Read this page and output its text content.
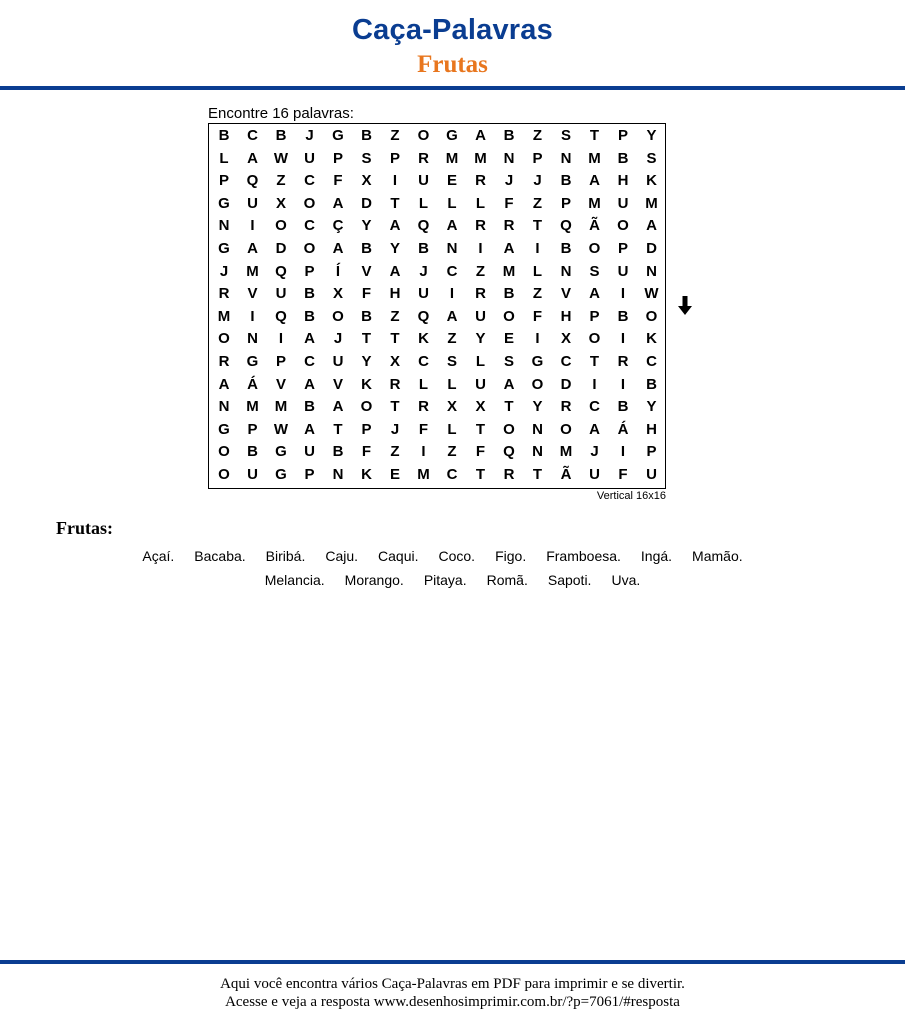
Caça-Palavras
Frutas
Encontre 16 palavras:
B	C	B	J	G	B	Z	O	G	A	B	Z	S	T	P	Y
L	A	W	U	P	S	P	R	M	M	N	P	N	M	B	S
P	Q	Z	C	F	X	I	U	E	R	J	J	B	A	H	K
G	U	X	O	A	D	T	L	L	L	F	Z	P	M	U	M
N	I	O	C	Ç	Y	A	Q	A	R	R	T	Q	Ã	O	A
G	A	D	O	A	B	Y	B	N	I	A	I	B	O	P	D
J	M	Q	P	Í	V	A	J	C	Z	M	L	N	S	U	N
R	V	U	B	X	F	H	U	I	R	B	Z	V	A	I	W
M	I	Q	B	O	B	Z	Q	A	U	O	F	H	P	B	O
O	N	I	A	J	T	T	K	Z	Y	E	I	X	O	I	K
R	G	P	C	U	Y	X	C	S	L	S	G	C	T	R	C
A	Á	V	A	V	K	R	L	L	U	A	O	D	I	I	B
N	M	M	B	A	O	T	R	X	X	T	Y	R	C	B	Y
G	P	W	A	T	P	J	F	L	T	O	N	O	A	Á	H
O	B	G	U	B	F	Z	I	Z	F	Q	N	M	J	I	P
O	U	G	P	N	K	E	M	C	T	R	T	Ã	U	F	U
Vertical 16x16
Frutas:
Açaí. Bacaba. Biribá. Caju. Caqui. Coco. Figo. Framboesa. Ingá. Mamão.
Melancia. Morango. Pitaya. Romã. Sapoti. Uva.
Aqui você encontra vários Caça-Palavras em PDF para imprimir e se divertir.
Acesse e veja a resposta www.desenhosimprimir.com.br/?p=7061/#resposta
